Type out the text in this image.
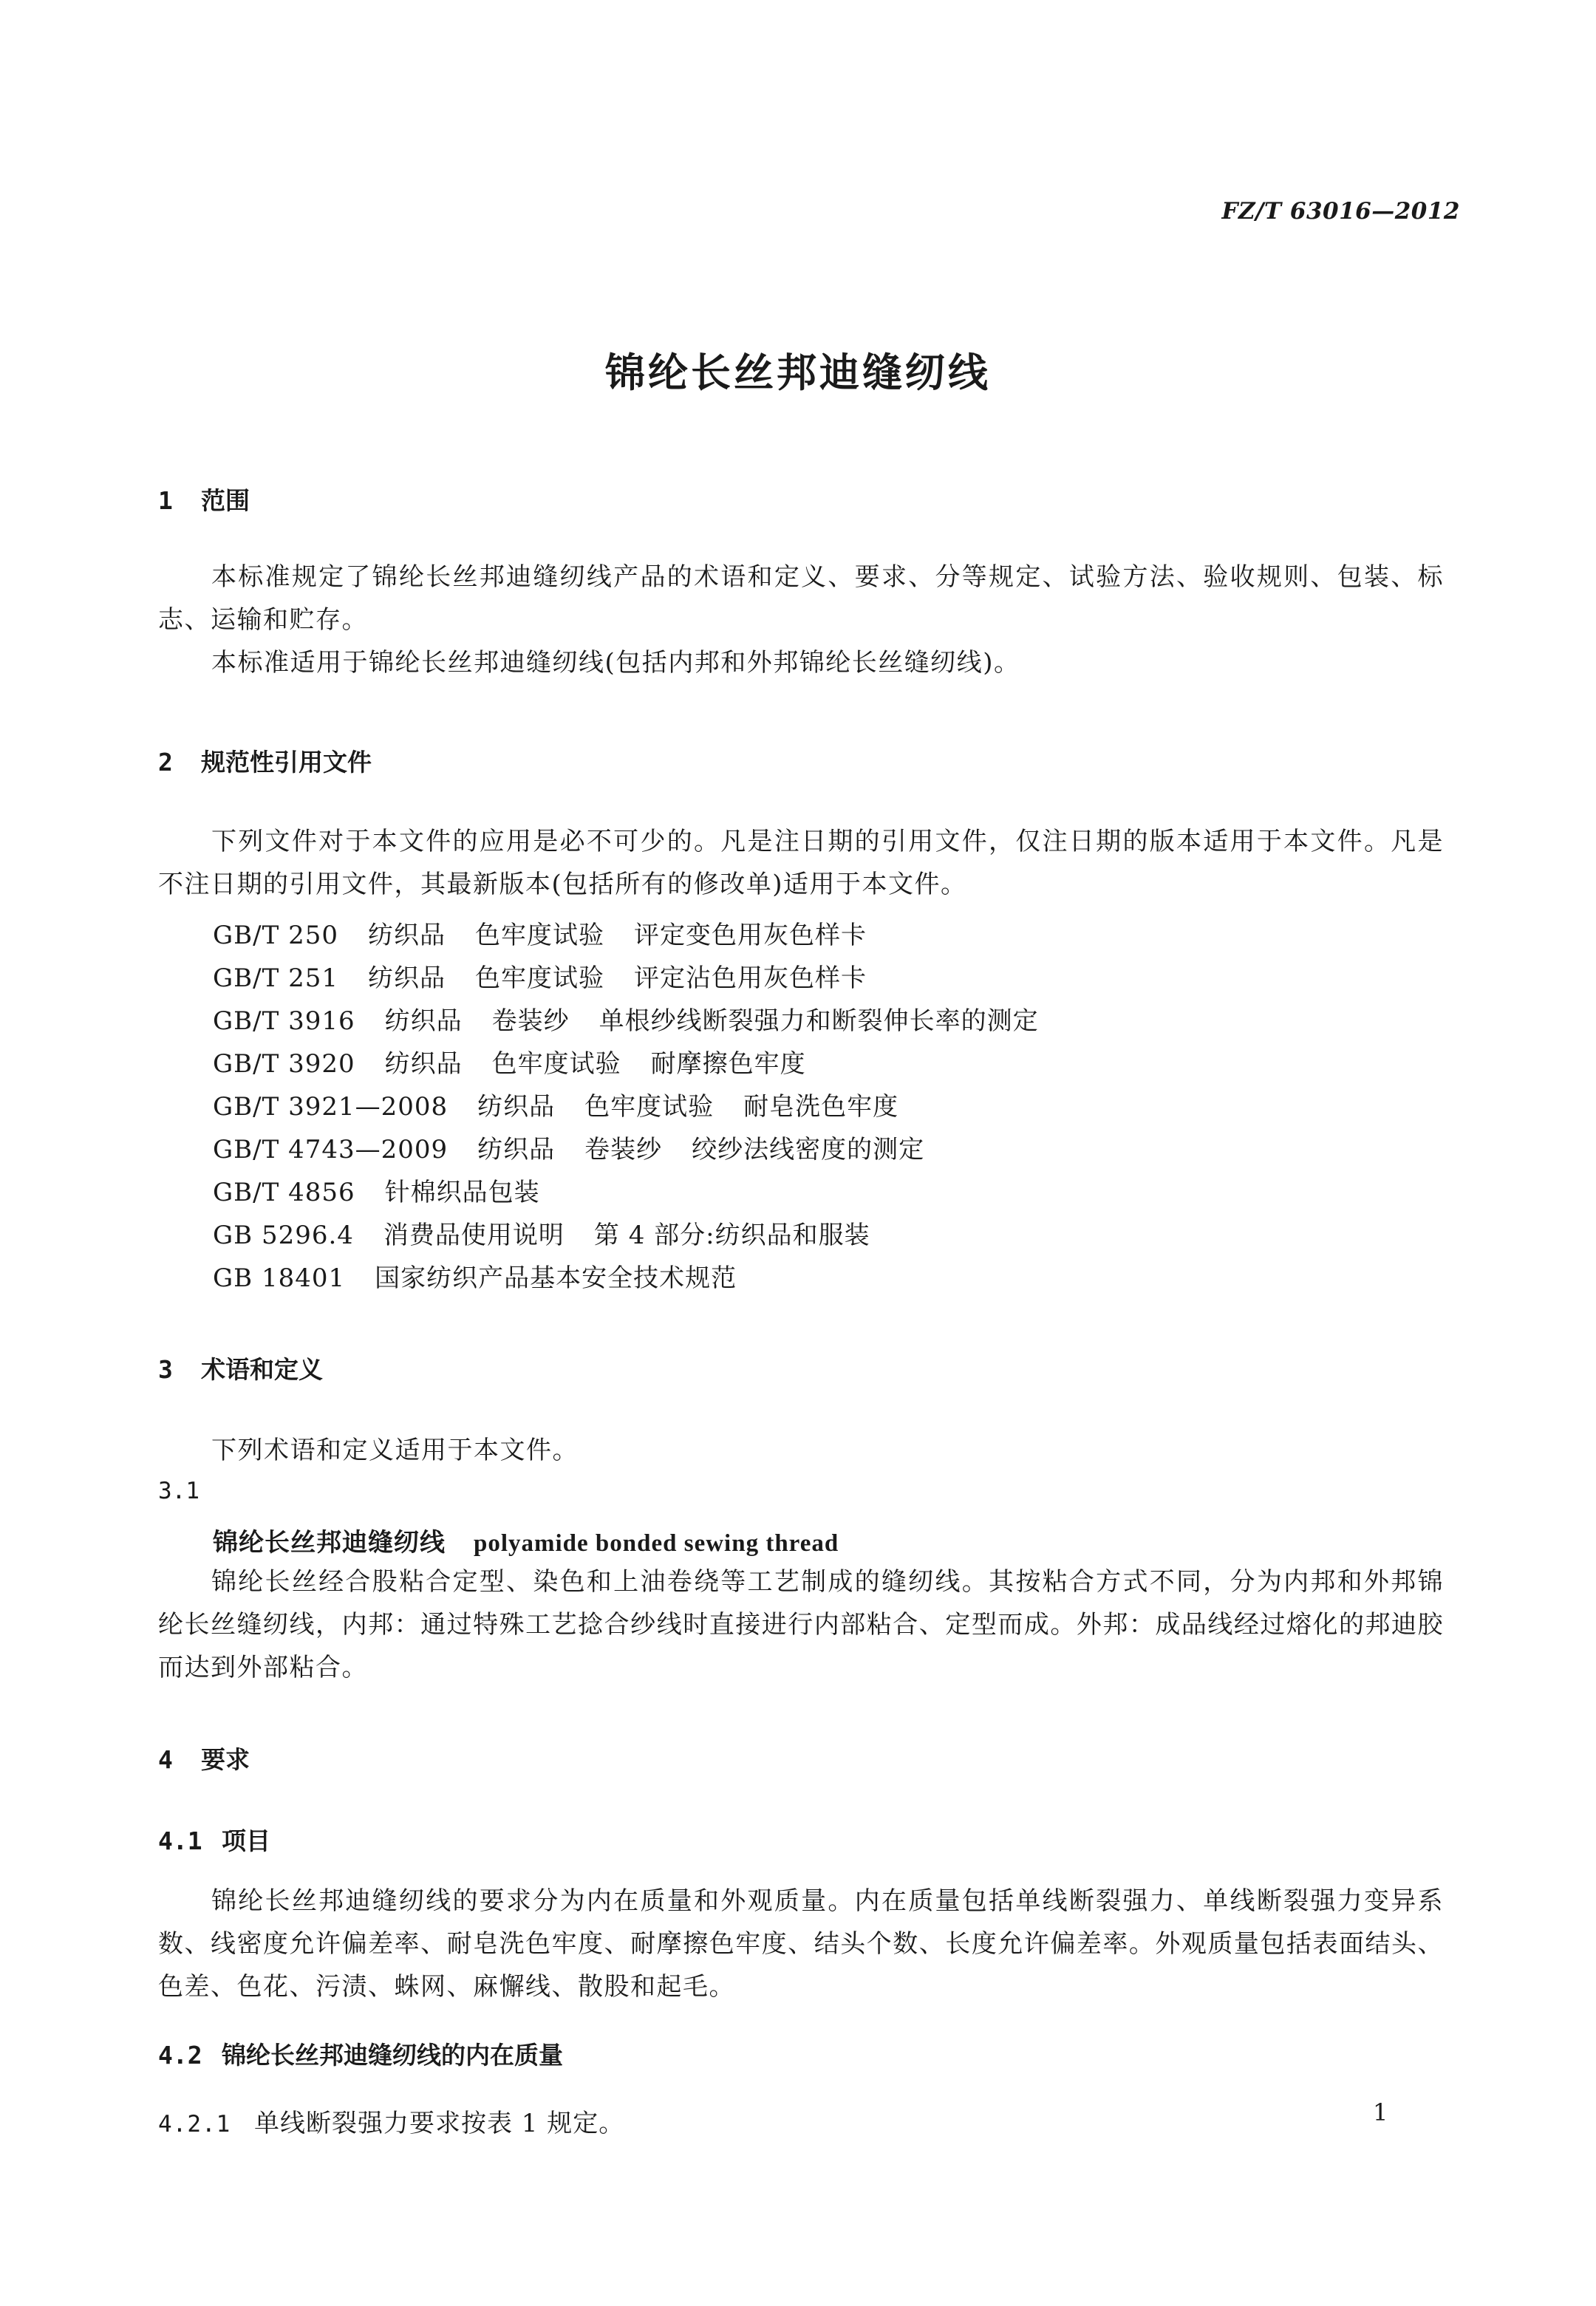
FZ/T 63016—2012
锦纶长丝邦迪缝纫线
1 范围
本标准规定了锦纶长丝邦迪缝纫线产品的术语和定义、要求、分等规定、试验方法、验收规则、包装、标志、运输和贮存。
本标准适用于锦纶长丝邦迪缝纫线(包括内邦和外邦锦纶长丝缝纫线)。
2 规范性引用文件
下列文件对于本文件的应用是必不可少的。凡是注日期的引用文件，仅注日期的版本适用于本文件。凡是不注日期的引用文件，其最新版本(包括所有的修改单)适用于本文件。
GB/T 250 纺织品 色牢度试验 评定变色用灰色样卡
GB/T 251 纺织品 色牢度试验 评定沾色用灰色样卡
GB/T 3916 纺织品 卷装纱 单根纱线断裂强力和断裂伸长率的测定
GB/T 3920 纺织品 色牢度试验 耐摩擦色牢度
GB/T 3921—2008 纺织品 色牢度试验 耐皂洗色牢度
GB/T 4743—2009 纺织品 卷装纱 绞纱法线密度的测定
GB/T 4856 针棉织品包装
GB 5296.4 消费品使用说明 第 4 部分:纺织品和服装
GB 18401 国家纺织产品基本安全技术规范
3 术语和定义
下列术语和定义适用于本文件。
3.1
锦纶长丝邦迪缝纫线 polyamide bonded sewing thread
锦纶长丝经合股粘合定型、染色和上油卷绕等工艺制成的缝纫线。其按粘合方式不同，分为内邦和外邦锦纶长丝缝纫线，内邦：通过特殊工艺捻合纱线时直接进行内部粘合、定型而成。外邦：成品线经过熔化的邦迪胶而达到外部粘合。
4 要求
4.1 项目
锦纶长丝邦迪缝纫线的要求分为内在质量和外观质量。内在质量包括单线断裂强力、单线断裂强力变异系数、线密度允许偏差率、耐皂洗色牢度、耐摩擦色牢度、结头个数、长度允许偏差率。外观质量包括表面结头、色差、色花、污渍、蛛网、麻懈线、散股和起毛。
4.2 锦纶长丝邦迪缝纫线的内在质量
4.2.1 单线断裂强力要求按表 1 规定。	1
